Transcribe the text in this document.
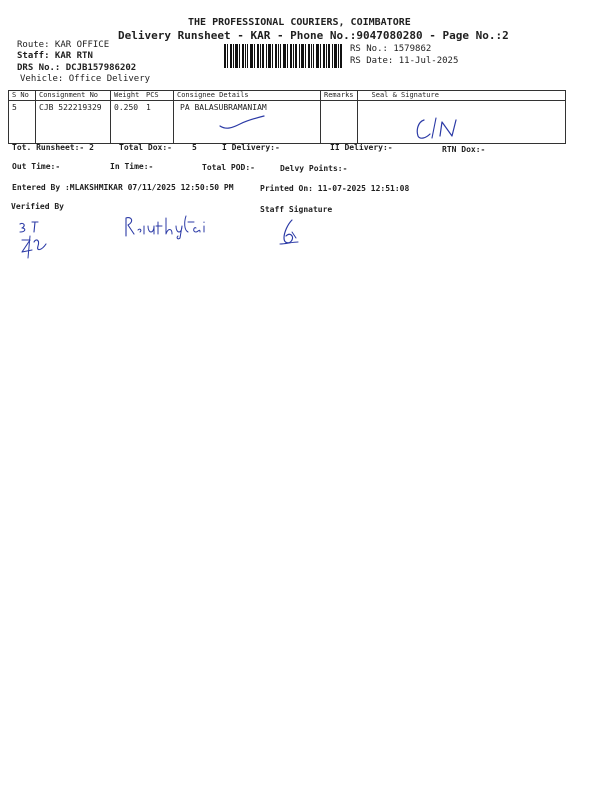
THE PROFESSIONAL COURIERS, COIMBATORE
Delivery Runsheet - KAR - Phone No.:9047080280 - Page No.:2
Route: KAR OFFICE
Staff: KAR RTN
DRS No.: DCJB157986202
Vehicle: Office Delivery
RS No.: 1579862
RS Date: 11-Jul-2025
S No	Consignment No	Weight	PCS	Consignee Details	Remarks	Seal & Signature
5	CJB 522219329	0.250	1	PA BALASUBRAMANIAM		
Tot. Runsheet:- 2	Total Dox:-	5	I Delivery:-	II Delivery:-	RTN Dox:-
Out Time:-	In Time:-	Total POD:-	Delvy Points:-
Entered By :MLAKSHMIKAR 07/11/2025 12:50:50 PM	Printed On: 11-07-2025 12:51:08
Verified By	Staff Signature
